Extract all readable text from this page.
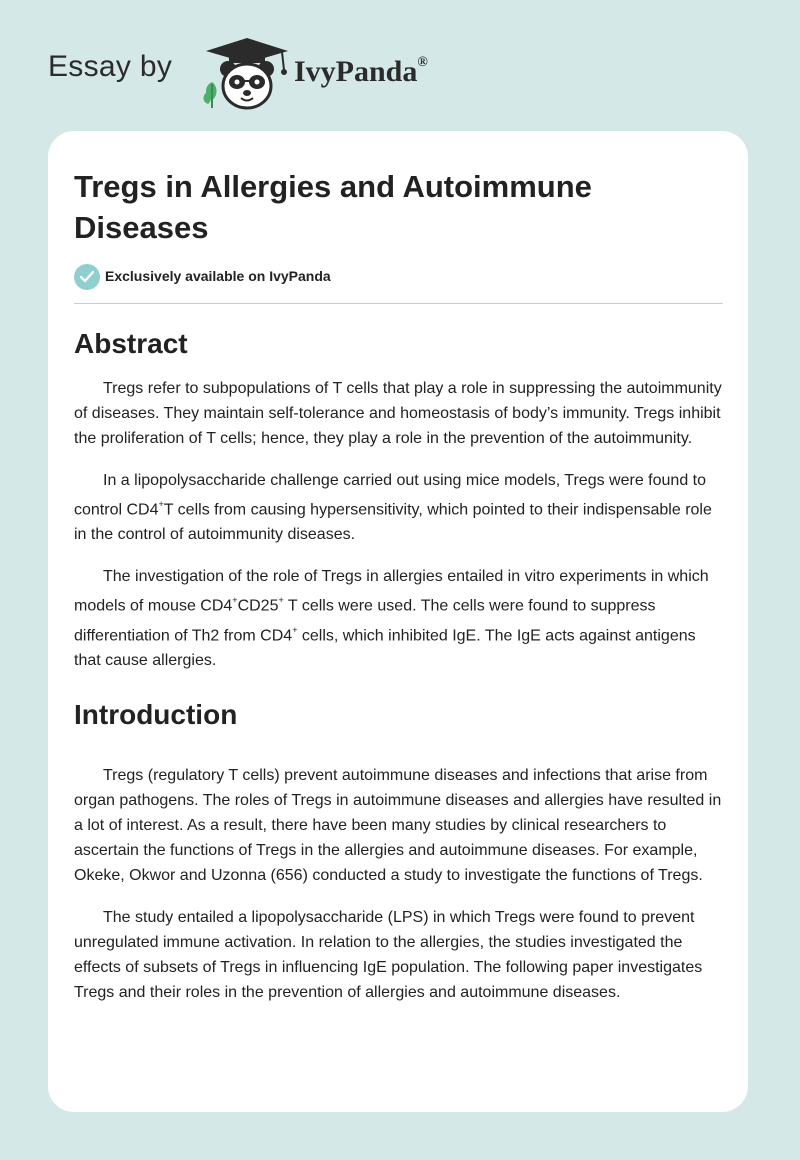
Essay by	IvyPanda®
Tregs in Allergies and Autoimmune Diseases
Exclusively available on IvyPanda
Abstract

Tregs refer to subpopulations of T cells that play a role in suppressing the autoimmunity of diseases. They maintain self-tolerance and homeostasis of body’s immunity. Tregs inhibit the proliferation of T cells; hence, they play a role in the prevention of the autoimmunity.

In a lipopolysaccharide challenge carried out using mice models, Tregs were found to control CD4+T cells from causing hypersensitivity, which pointed to their indispensable role in the control of autoimmunity diseases.

The investigation of the role of Tregs in allergies entailed in vitro experiments in which models of mouse CD4+CD25+ T cells were used. The cells were found to suppress differentiation of Th2 from CD4+ cells, which inhibited IgE. The IgE acts against antigens that cause allergies.

Introduction

Tregs (regulatory T cells) prevent autoimmune diseases and infections that arise from organ pathogens. The roles of Tregs in autoimmune diseases and allergies have resulted in a lot of interest. As a result, there have been many studies by clinical researchers to ascertain the functions of Tregs in the allergies and autoimmune diseases. For example, Okeke, Okwor and Uzonna (656) conducted a study to investigate the functions of Tregs.

The study entailed a lipopolysaccharide (LPS) in which Tregs were found to prevent unregulated immune activation. In relation to the allergies, the studies investigated the effects of subsets of Tregs in influencing IgE population. The following paper investigates Tregs and their roles in the prevention of allergies and autoimmune diseases.
